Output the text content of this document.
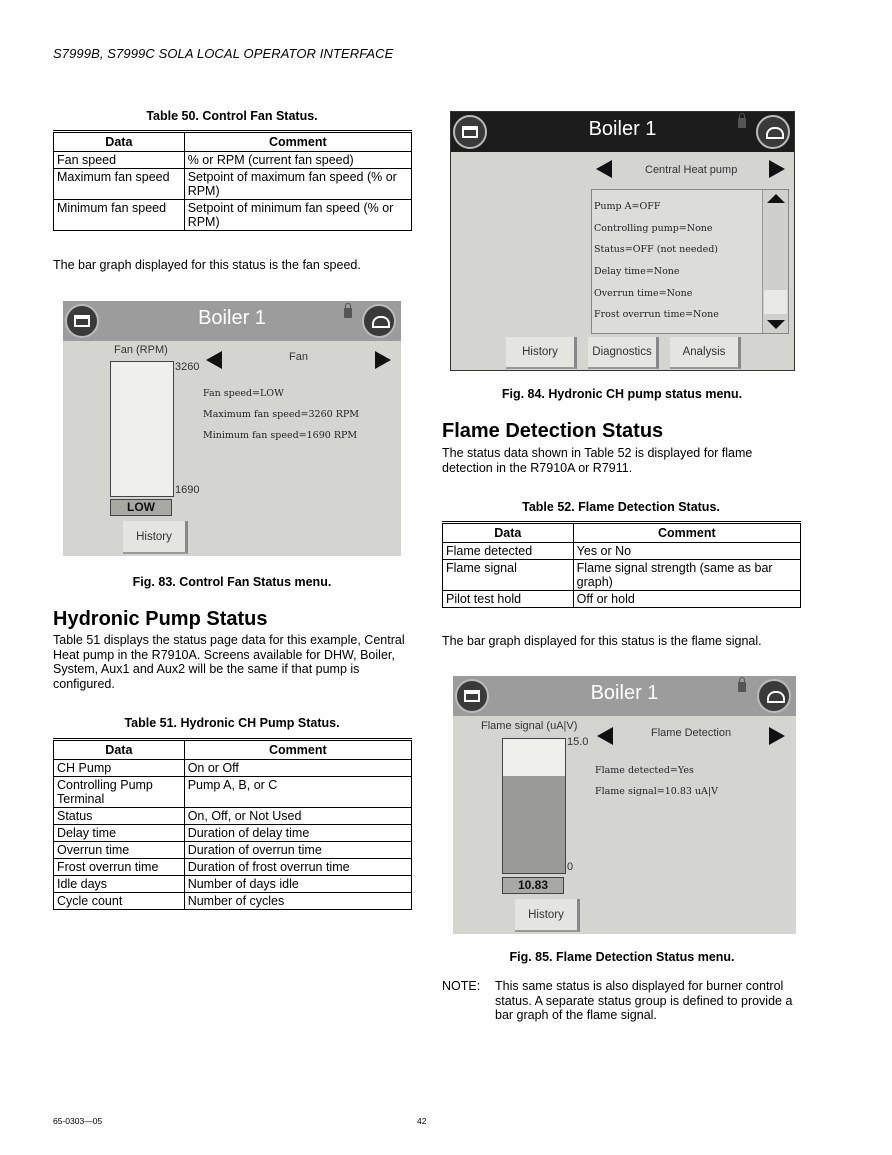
S7999B, S7999C SOLA LOCAL OPERATOR INTERFACE
Table 50. Control Fan Status.
Data	Comment
Fan speed	% or RPM (current fan speed)
Maximum fan speed	Setpoint of maximum fan speed (% or RPM)
Minimum fan speed	Setpoint of minimum fan speed (% or RPM)
The bar graph displayed for this status is the fan speed.
Boiler 1
Fan (RPM)
Fan
3260
1690
LOW
Fan speed=LOW
Maximum fan speed=3260 RPM
Minimum fan speed=1690 RPM
History
Fig. 83. Control Fan Status menu.
Hydronic Pump Status
Table 51 displays the status page data for this example, Central Heat pump in the R7910A. Screens available for DHW, Boiler, System, Aux1 and Aux2 will be the same if that pump is configured.
Table 51. Hydronic CH Pump Status.
Data	Comment
CH Pump	On or Off
Controlling Pump Terminal	Pump A, B, or C
Status	On, Off, or Not Used
Delay time	Duration of delay time
Overrun time	Duration of overrun time
Frost overrun time	Duration of frost overrun time
Idle days	Number of days idle
Cycle count	Number of cycles
Boiler 1
Central Heat pump
Pump A=OFF
Controlling pump=None
Status=OFF (not needed)
Delay time=None
Overrun time=None
Frost overrun time=None
History	Diagnostics	Analysis
Fig. 84. Hydronic CH pump status menu.
Flame Detection Status
The status data shown in Table 52 is displayed for flame detection in the R7910A or R7911.
Table 52. Flame Detection Status.
Data	Comment
Flame detected	Yes or No
Flame signal	Flame signal strength (same as bar graph)
Pilot test hold	Off or hold
The bar graph displayed for this status is the flame signal.
Boiler 1
Flame signal (uA|V)
Flame Detection
15.0
0
10.83
Flame detected=Yes
Flame signal=10.83 uA|V
History
Fig. 85. Flame Detection Status menu.
NOTE: This same status is also displayed for burner control status. A separate status group is defined to provide a bar graph of the flame signal.
65-0303—05	42
